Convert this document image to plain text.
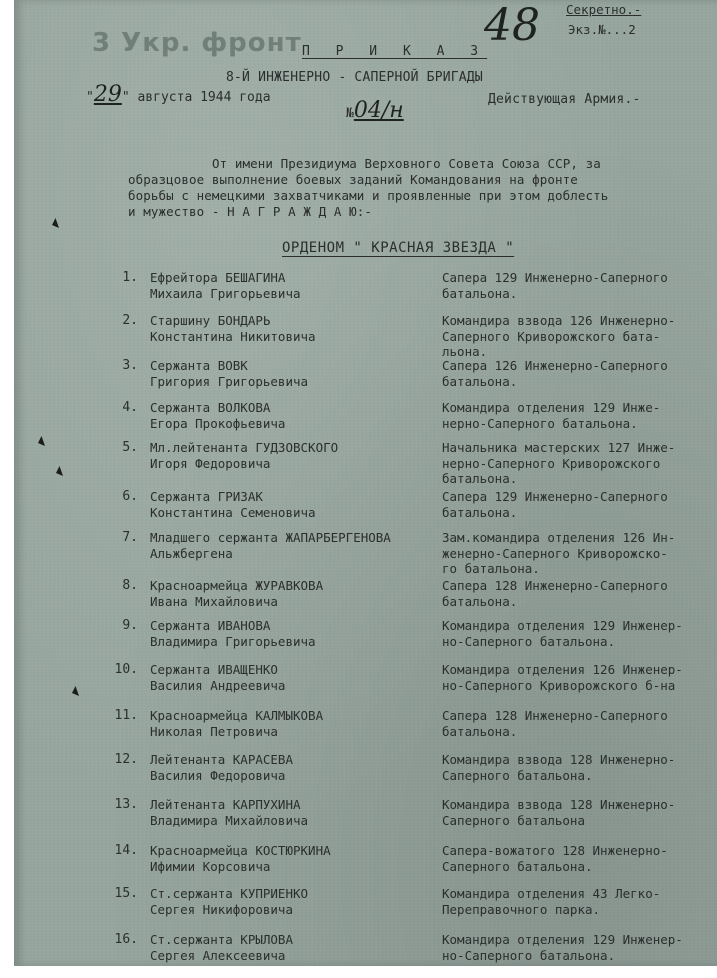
3 Укр. фронт
Секретно.-
Экз.№...2
48
П Р И К А З
8-Й ИНЖЕНЕРНО - САПЕРНОЙ БРИГАДЫ
"29" августа 1944 года
№04/н	Действующая Армия.-
От имени Президиума Верховного Совета Союза ССР, за
образцовое выполнение боевых заданий Командования на фронте
борьбы с немецкими захватчиками и проявленные при этом доблесть
и мужество - Н А Г Р А Ж Д А Ю:-
ОРДЕНОМ " КРАСНАЯ ЗВЕЗДА "
1. Ефрейтора БЕШАГИНА
Михаила Григорьевича
Сапера 129 Инженерно-Саперного
батальона.
2. Старшину БОНДАРЬ
Константина Никитовича
Командира взвода 126 Инженерно-
Саперного Криворожского бата-
льона.
3. Сержанта ВОВК
Григория Григорьевича
Сапера 126 Инженерно-Саперного
батальона.
4. Сержанта ВОЛКОВА
Егора Прокофьевича
Командира отделения 129 Инже-
нерно-Саперного батальона.
5. Мл.лейтенанта ГУДЗОВСКОГО
Игоря Федоровича
Начальника мастерских 127 Инже-
нерно-Саперного Криворожского
батальона.
6. Сержанта ГРИЗАК
Константина Семеновича
Сапера 129 Инженерно-Саперного
батальона.
7. Младшего сержанта ЖАПАРБЕРГЕНОВА
Альжбергена
Зам.командира отделения 126 Ин-
женерно-Саперного Криворожско-
го батальона.
8. Красноармейца ЖУРАВКОВА
Ивана Михайловича
Сапера 128 Инженерно-Саперного
батальона.
9. Сержанта ИВАНОВА
Владимира Григорьевича
Командира отделения 129 Инженер-
но-Саперного батальона.
10. Сержанта ИВАЩЕНКО
Василия Андреевича
Командира отделения 126 Инженер-
но-Саперного Криворожского б-на
11. Красноармейца КАЛМЫКОВА
Николая Петровича
Сапера 128 Инженерно-Саперного
батальона.
12. Лейтенанта КАРАСЕВА
Василия Федоровича
Командира взвода 128 Инженерно-
Саперного батальона.
13. Лейтенанта КАРПУХИНА
Владимира Михайловича
Командира взвода 128 Инженерно-
Саперного батальона
14. Красноармейца КОСТЮРКИНА
Ифимии Корсовича
Сапера-вожатого 128 Инженерно-
Саперного батальона.
15. Ст.сержанта КУПРИЕНКО
Сергея Никифоровича
Командира отделения 43 Легко-
Переправочного парка.
16. Ст.сержанта КРЫЛОВА
Сергея Алексеевича
Командира отделения 129 Инженер-
но-Саперного батальона.
